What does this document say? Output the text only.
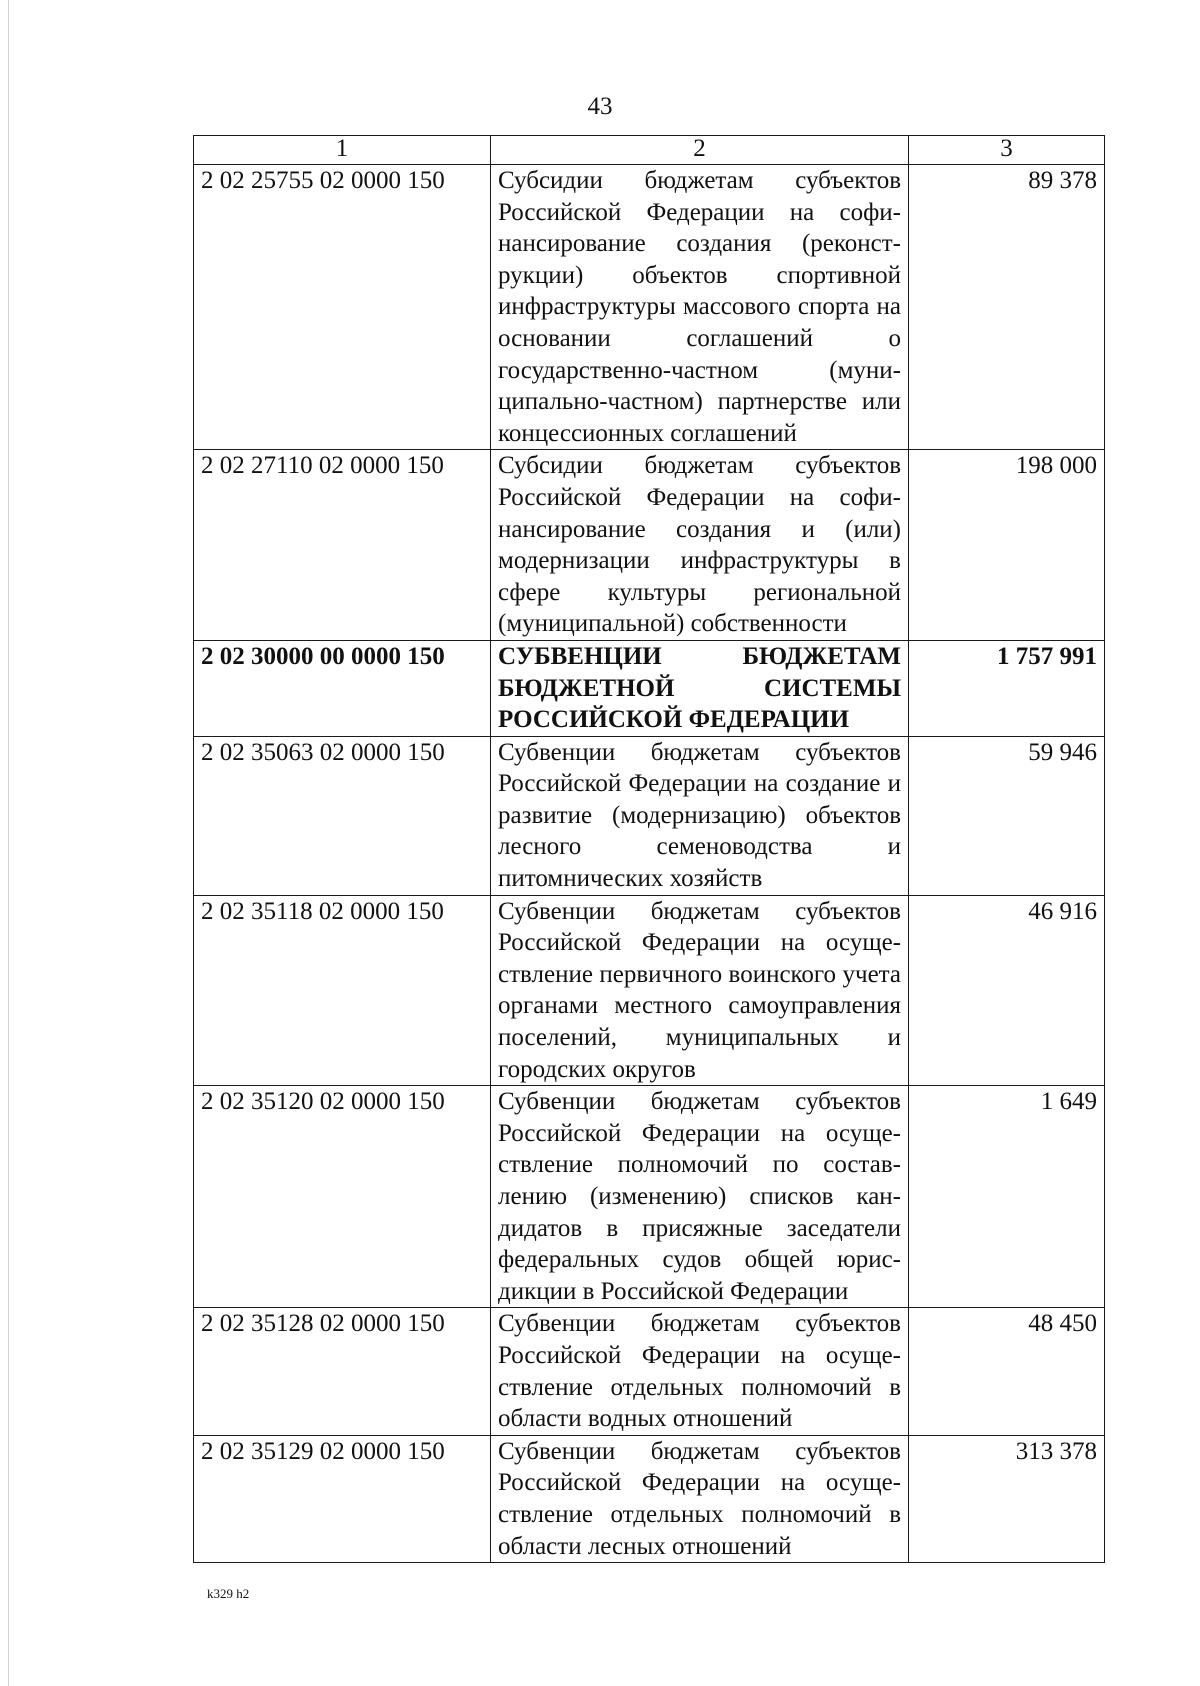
43
1	2	3
2 02 25755 02 0000 150	Субсидии бюджетам субъектов Российской Федерации на софинансирование создания (реконструкции) объектов спортивной инфраструктуры массового спорта на основании соглашений о государственно-частном (муниципально-частном) партнерстве или концессионных соглашений	89 378
2 02 27110 02 0000 150	Субсидии бюджетам субъектов Российской Федерации на софинансирование создания и (или) модернизации инфраструктуры в сфере культуры региональной (муниципальной) собственности	198 000
2 02 30000 00 0000 150	СУБВЕНЦИИ БЮДЖЕТАМ БЮДЖЕТНОЙ СИСТЕМЫ РОССИЙСКОЙ ФЕДЕРАЦИИ	1 757 991
2 02 35063 02 0000 150	Субвенции бюджетам субъектов Российской Федерации на создание и развитие (модернизацию) объектов лесного семеноводства и питомнических хозяйств	59 946
2 02 35118 02 0000 150	Субвенции бюджетам субъектов Российской Федерации на осуществление первичного воинского учета органами местного самоуправления поселений, муниципальных и городских округов	46 916
2 02 35120 02 0000 150	Субвенции бюджетам субъектов Российской Федерации на осуществление полномочий по составлению (изменению) списков кандидатов в присяжные заседатели федеральных судов общей юрисдикции в Российской Федерации	1 649
2 02 35128 02 0000 150	Субвенции бюджетам субъектов Российской Федерации на осуществление отдельных полномочий в области водных отношений	48 450
2 02 35129 02 0000 150	Субвенции бюджетам субъектов Российской Федерации на осуществление отдельных полномочий в области лесных отношений	313 378
k329 h2
